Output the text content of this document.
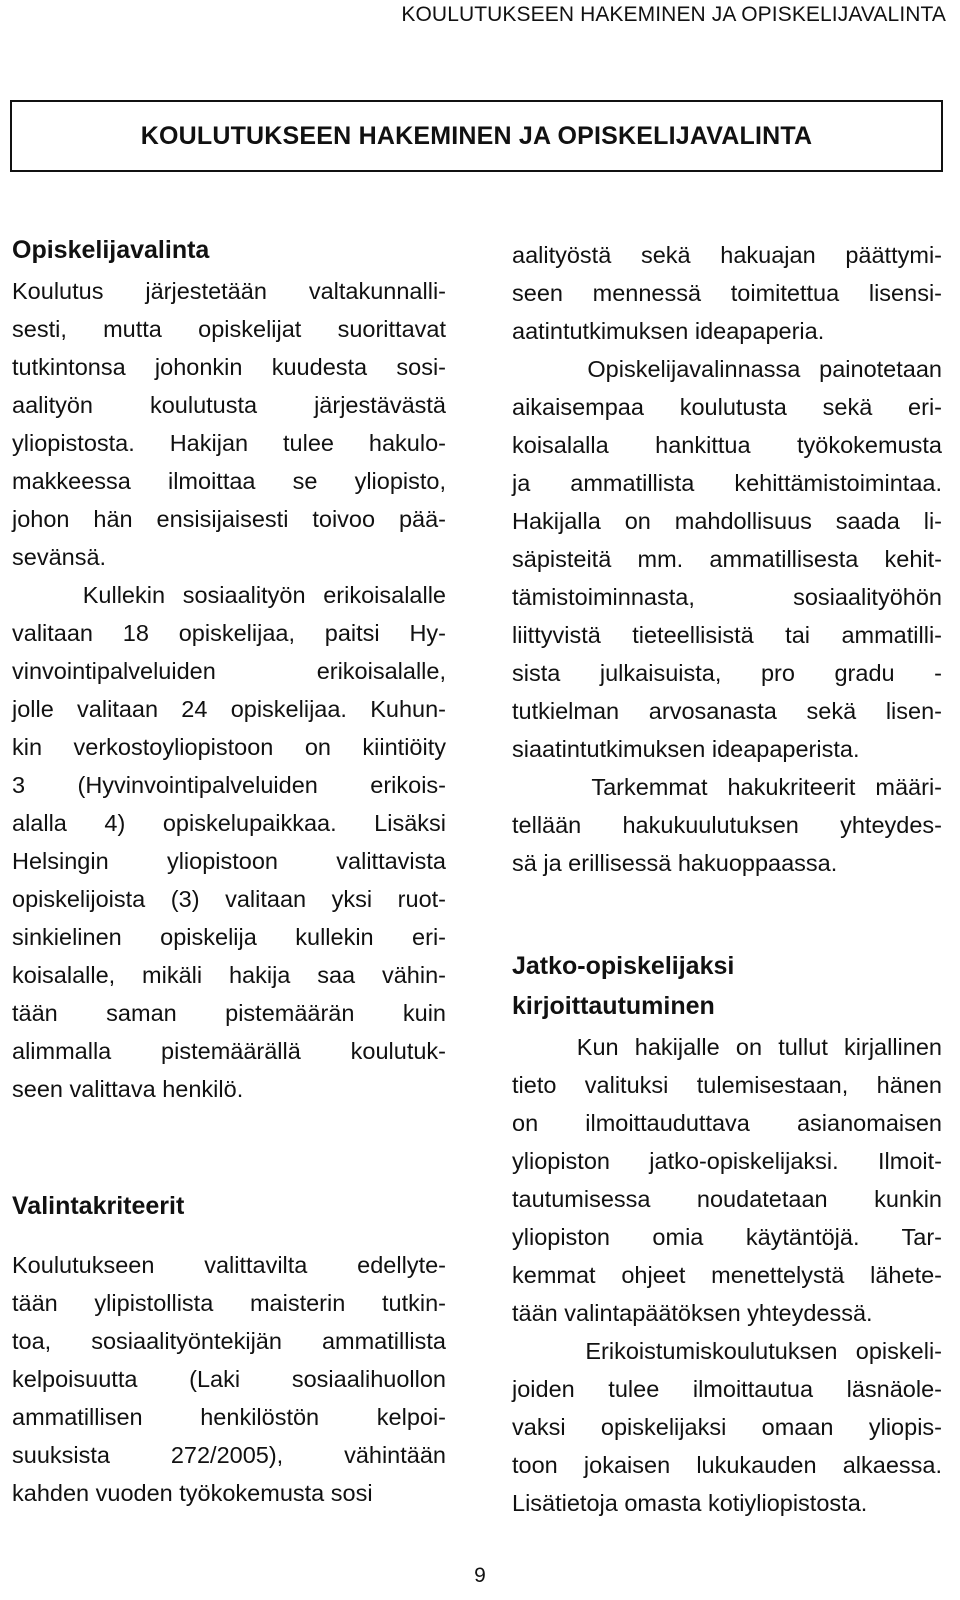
KOULUTUKSEEN HAKEMINEN JA OPISKELIJAVALINTA
KOULUTUKSEEN HAKEMINEN JA OPISKELIJAVALINTA
Opiskelijavalinta
Koulutus järjestetään valtakunnalli-
sesti, mutta opiskelijat suorittavat
tutkintonsa johonkin kuudesta sosi-
aalityön koulutusta järjestävästä
yliopistosta. Hakijan tulee hakulo-
makkeessa ilmoittaa se yliopisto,
johon hän ensisijaisesti toivoo pää-
sevänsä.
Kullekin sosiaalityön erikoisalalle
valitaan 18 opiskelijaa, paitsi Hy-
vinvointipalveluiden erikoisalalle,
jolle valitaan 24 opiskelijaa. Kuhun-
kin verkostoyliopistoon on kiintiöity
3 (Hyvinvointipalveluiden erikois-
alalla 4) opiskelupaikkaa. Lisäksi
Helsingin yliopistoon valittavista
opiskelijoista (3) valitaan yksi ruot-
sinkielinen opiskelija kullekin eri-
koisalalle, mikäli hakija saa vähin-
tään saman pistemäärän kuin
alimmalla pistemäärällä koulutuk-
seen valittava henkilö.
Valintakriteerit
Koulutukseen valittavilta edellyte-
tään ylipistollista maisterin tutkin-
toa, sosiaalityöntekijän ammatillista
kelpoisuutta (Laki sosiaalihuollon
ammatillisen henkilöstön kelpoi-
suuksista 272/2005), vähintään
kahden vuoden työkokemusta sosi
aalityöstä sekä hakuajan päättymi-
seen mennessä toimitettua lisensi-
aatintutkimuksen ideapaperia.
Opiskelijavalinnassa painotetaan
aikaisempaa koulutusta sekä eri-
koisalalla hankittua työkokemusta
ja ammatillista kehittämistoimintaa.
Hakijalla on mahdollisuus saada li-
säpisteitä mm. ammatillisesta kehit-
tämistoiminnasta, sosiaalityöhön
liittyvistä tieteellisistä tai ammatilli-
sista julkaisuista, pro gradu -
tutkielman arvosanasta sekä lisen-
siaatintutkimuksen ideapaperista.
Tarkemmat hakukriteerit määri-
tellään hakukuulutuksen yhteydes-
sä ja erillisessä hakuoppaassa.
Jatko-opiskelijaksi
kirjoittautuminen
Kun hakijalle on tullut kirjallinen
tieto valituksi tulemisestaan, hänen
on ilmoittauduttava asianomaisen
yliopiston jatko-opiskelijaksi. Ilmoit-
tautumisessa noudatetaan kunkin
yliopiston omia käytäntöjä. Tar-
kemmat ohjeet menettelystä lähete-
tään valintapäätöksen yhteydessä.
Erikoistumiskoulutuksen opiskeli-
joiden tulee ilmoittautua läsnäole-
vaksi opiskelijaksi omaan yliopis-
toon jokaisen lukukauden alkaessa.
Lisätietoja omasta kotiyliopistosta.
9
